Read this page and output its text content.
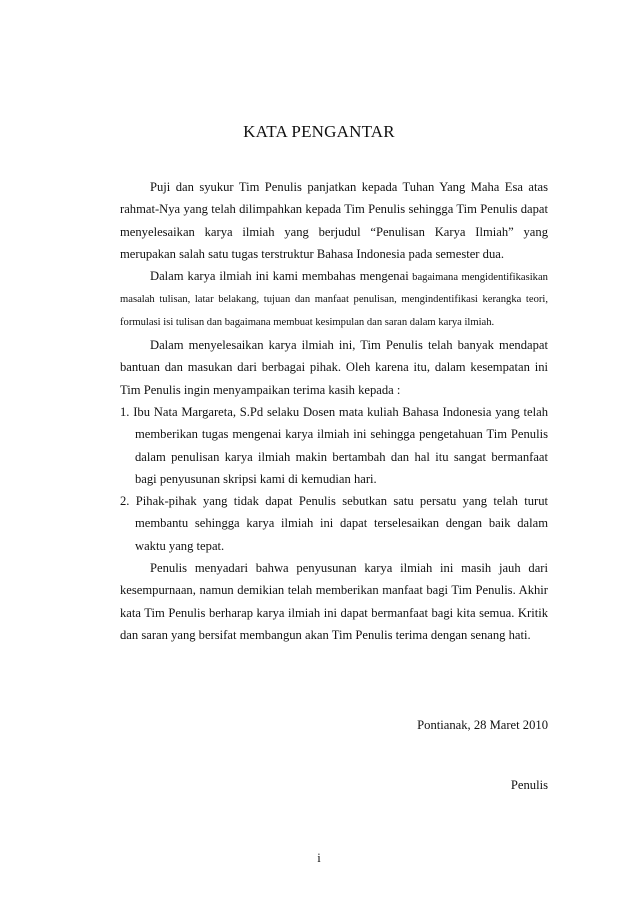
KATA PENGANTAR

Puji dan syukur Tim Penulis panjatkan kepada Tuhan Yang Maha Esa atas rahmat-Nya yang telah dilimpahkan kepada Tim Penulis sehingga Tim Penulis dapat menyelesaikan karya ilmiah yang berjudul “Penulisan Karya Ilmiah” yang merupakan salah satu tugas terstruktur Bahasa Indonesia pada semester dua.

Dalam karya ilmiah ini kami membahas mengenai bagaimana mengidentifikasikan masalah tulisan, latar belakang, tujuan dan manfaat penulisan, mengindentifikasi kerangka teori, formulasi isi tulisan dan bagaimana membuat kesimpulan dan saran dalam karya ilmiah.

Dalam menyelesaikan karya ilmiah ini, Tim Penulis telah banyak mendapat bantuan dan masukan dari berbagai pihak. Oleh karena itu, dalam kesempatan ini Tim Penulis ingin menyampaikan terima kasih kepada :

1. Ibu Nata Margareta, S.Pd selaku Dosen mata kuliah Bahasa Indonesia yang telah memberikan tugas mengenai karya ilmiah ini sehingga pengetahuan Tim Penulis dalam penulisan karya ilmiah makin bertambah dan hal itu sangat bermanfaat bagi penyusunan skripsi kami di kemudian hari.
2. Pihak-pihak yang tidak dapat Penulis sebutkan satu persatu yang telah turut membantu sehingga karya ilmiah ini dapat terselesaikan dengan baik dalam waktu yang tepat.

Penulis menyadari bahwa penyusunan karya ilmiah ini masih jauh dari kesempurnaan, namun demikian telah memberikan manfaat bagi Tim Penulis. Akhir kata Tim Penulis berharap karya ilmiah ini dapat bermanfaat bagi kita semua. Kritik dan saran yang bersifat membangun akan Tim Penulis terima dengan senang hati.

Pontianak, 28 Maret 2010
Penulis
i
